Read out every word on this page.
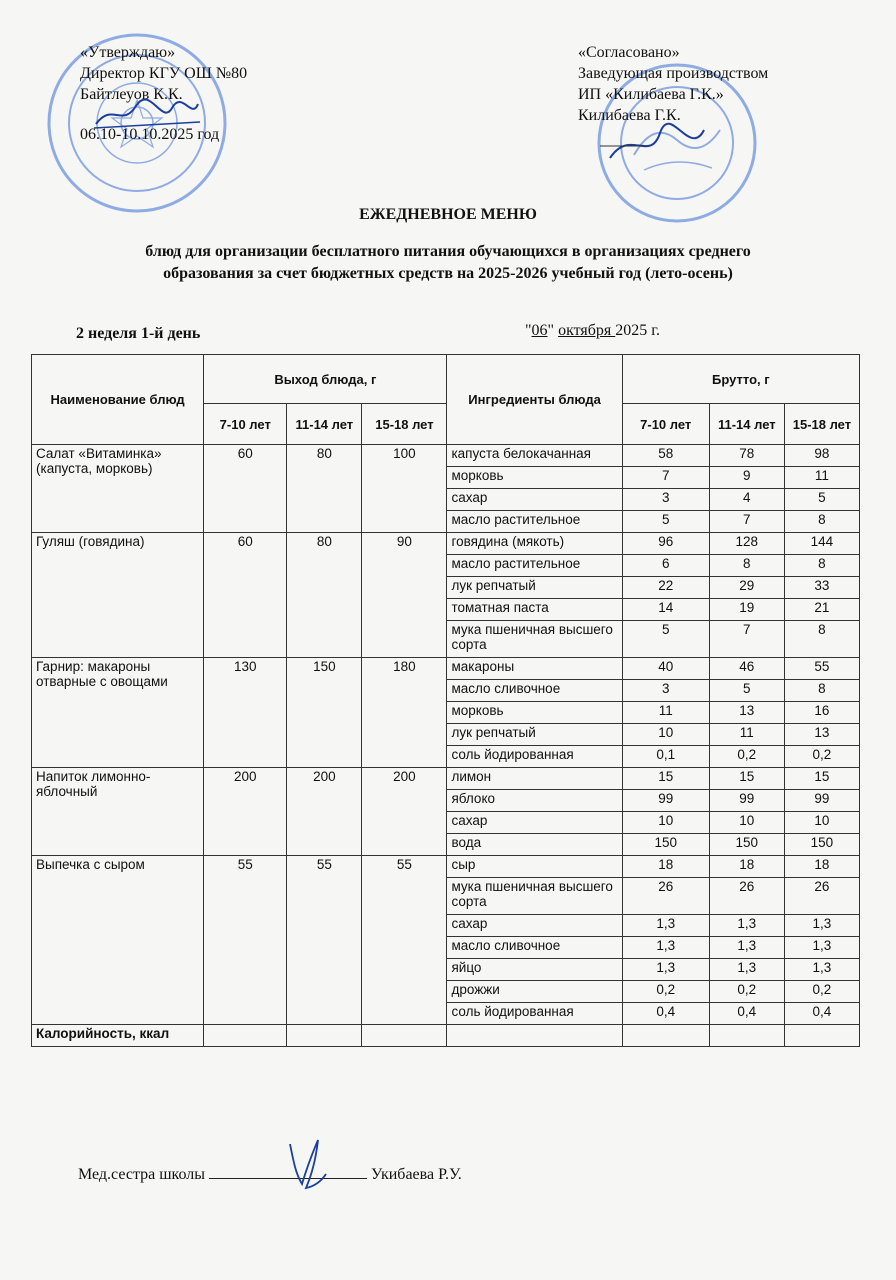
«Утверждаю»
Директор КГУ ОШ №80
Байтлеуов К.К.
06.10-10.10.2025 год
«Согласовано»
Заведующая производством
ИП «Килибаева Г.К.»
Килибаева Г.К.
ЕЖЕДНЕВНОЕ МЕНЮ
блюд для организации бесплатного питания обучающихся в организациях среднего
образования за счет бюджетных средств на 2025-2026 учебный год (лето-осень)
2 неделя 1-й день	"06" октября 2025 г.
Наименование блюд	Выход блюда, г			Ингредиенты блюда	Брутто, г		
	7-10 лет	11-14 лет	15-18 лет		7-10 лет	11-14 лет	15-18 лет
Салат «Витаминка» (капуста, морковь)	60	80	100	капуста белокачанная	58	78	98
				морковь	7	9	11
				сахар	3	4	5
				масло растительное	5	7	8
Гуляш (говядина)	60	80	90	говядина (мякоть)	96	128	144
				масло растительное	6	8	8
				лук репчатый	22	29	33
				томатная паста	14	19	21
				мука пшеничная высшего сорта	5	7	8
Гарнир: макароны отварные с овощами	130	150	180	макароны	40	46	55
				масло сливочное	3	5	8
				морковь	11	13	16
				лук репчатый	10	11	13
				соль йодированная	0,1	0,2	0,2
Напиток лимонно-яблочный	200	200	200	лимон	15	15	15
				яблоко	99	99	99
				сахар	10	10	10
				вода	150	150	150
Выпечка с сыром	55	55	55	сыр	18	18	18
				мука пшеничная высшего сорта	26	26	26
				сахар	1,3	1,3	1,3
				масло сливочное	1,3	1,3	1,3
				яйцо	1,3	1,3	1,3
				дрожжи	0,2	0,2	0,2
				соль йодированная	0,4	0,4	0,4
Калорийность, ккал							
Мед.сестра школы	Укибаева Р.У.
